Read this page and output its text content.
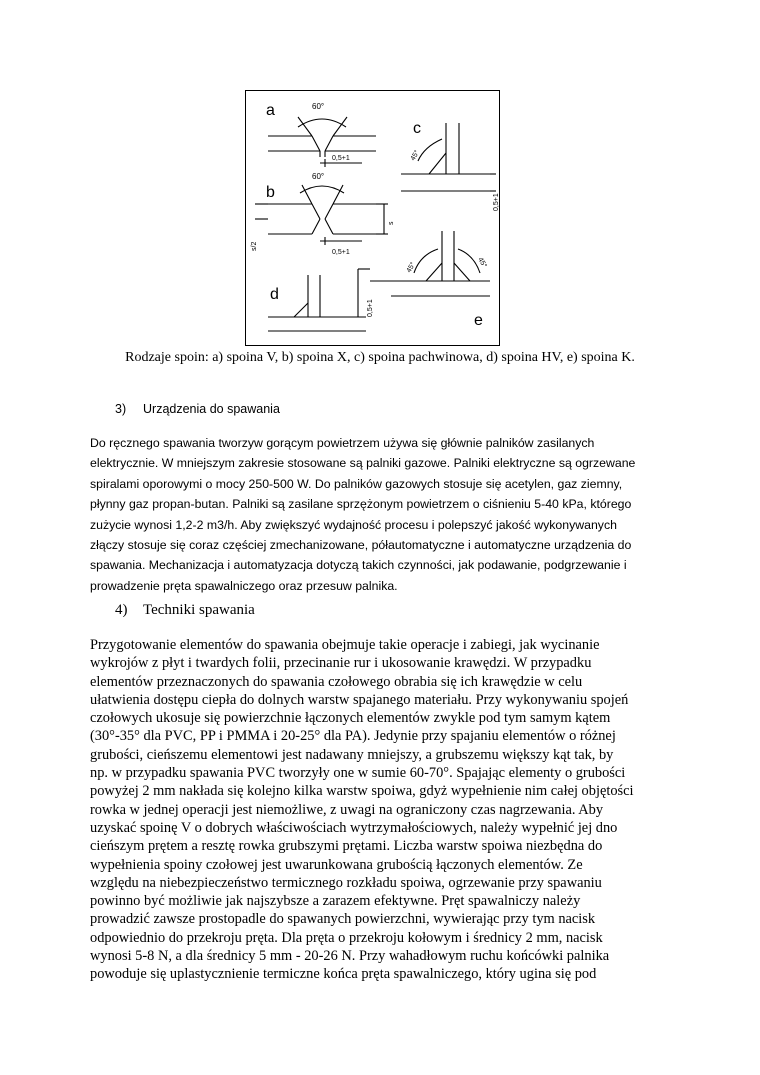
a	60°
0,5+1
c
45°
0,5+1
b
60°
0,5+1
s/2
s
45°	45°
e
d
0,5+1
Rodzaje spoin: a) spoina V, b) spoina X, c) spoina pachwinowa, d) spoina HV, e) spoina K.
3) Urządzenia do spawania
Do ręcznego spawania tworzyw gorącym powietrzem używa się głównie palników zasilanych
elektrycznie. W mniejszym zakresie stosowane są palniki gazowe. Palniki elektryczne są ogrzewane
spiralami oporowymi o mocy 250-500 W. Do palników gazowych stosuje się acetylen, gaz ziemny,
płynny gaz propan-butan. Palniki są zasilane sprzężonym powietrzem o ciśnieniu 5-40 kPa, którego
zużycie wynosi 1,2-2 m3/h. Aby zwiększyć wydajność procesu i polepszyć jakość wykonywanych
złączy stosuje się coraz częściej zmechanizowane, półautomatyczne i automatyczne urządzenia do
spawania. Mechanizacja i automatyzacja dotyczą takich czynności, jak podawanie, podgrzewanie i
prowadzenie pręta spawalniczego oraz przesuw palnika.
4) Techniki spawania
Przygotowanie elementów do spawania obejmuje takie operacje i zabiegi, jak wycinanie
wykrojów z płyt i twardych folii, przecinanie rur i ukosowanie krawędzi. W przypadku
elementów przeznaczonych do spawania czołowego obrabia się ich krawędzie w celu
ułatwienia dostępu ciepła do dolnych warstw spajanego materiału. Przy wykonywaniu spojeń
czołowych ukosuje się powierzchnie łączonych elementów zwykle pod tym samym kątem
(30°-35° dla PVC, PP i PMMA i 20-25° dla PA). Jedynie przy spajaniu elementów o różnej
grubości, cieńszemu elementowi jest nadawany mniejszy, a grubszemu większy kąt tak, by
np. w przypadku spawania PVC tworzyły one w sumie 60-70°. Spajając elementy o grubości
powyżej 2 mm nakłada się kolejno kilka warstw spoiwa, gdyż wypełnienie nim całej objętości
rowka w jednej operacji jest niemożliwe, z uwagi na ograniczony czas nagrzewania. Aby
uzyskać spoinę V o dobrych właściwościach wytrzymałościowych, należy wypełnić jej dno
cieńszym prętem a resztę rowka grubszymi prętami. Liczba warstw spoiwa niezbędna do
wypełnienia spoiny czołowej jest uwarunkowana grubością łączonych elementów. Ze
względu na niebezpieczeństwo termicznego rozkładu spoiwa, ogrzewanie przy spawaniu
powinno być możliwie jak najszybsze a zarazem efektywne. Pręt spawalniczy należy
prowadzić zawsze prostopadle do spawanych powierzchni, wywierając przy tym nacisk
odpowiednio do przekroju pręta. Dla pręta o przekroju kołowym i średnicy 2 mm, nacisk
wynosi 5-8 N, a dla średnicy 5 mm - 20-26 N. Przy wahadłowym ruchu końcówki palnika
powoduje się uplastycznienie termiczne końca pręta spawalniczego, który ugina się pod
